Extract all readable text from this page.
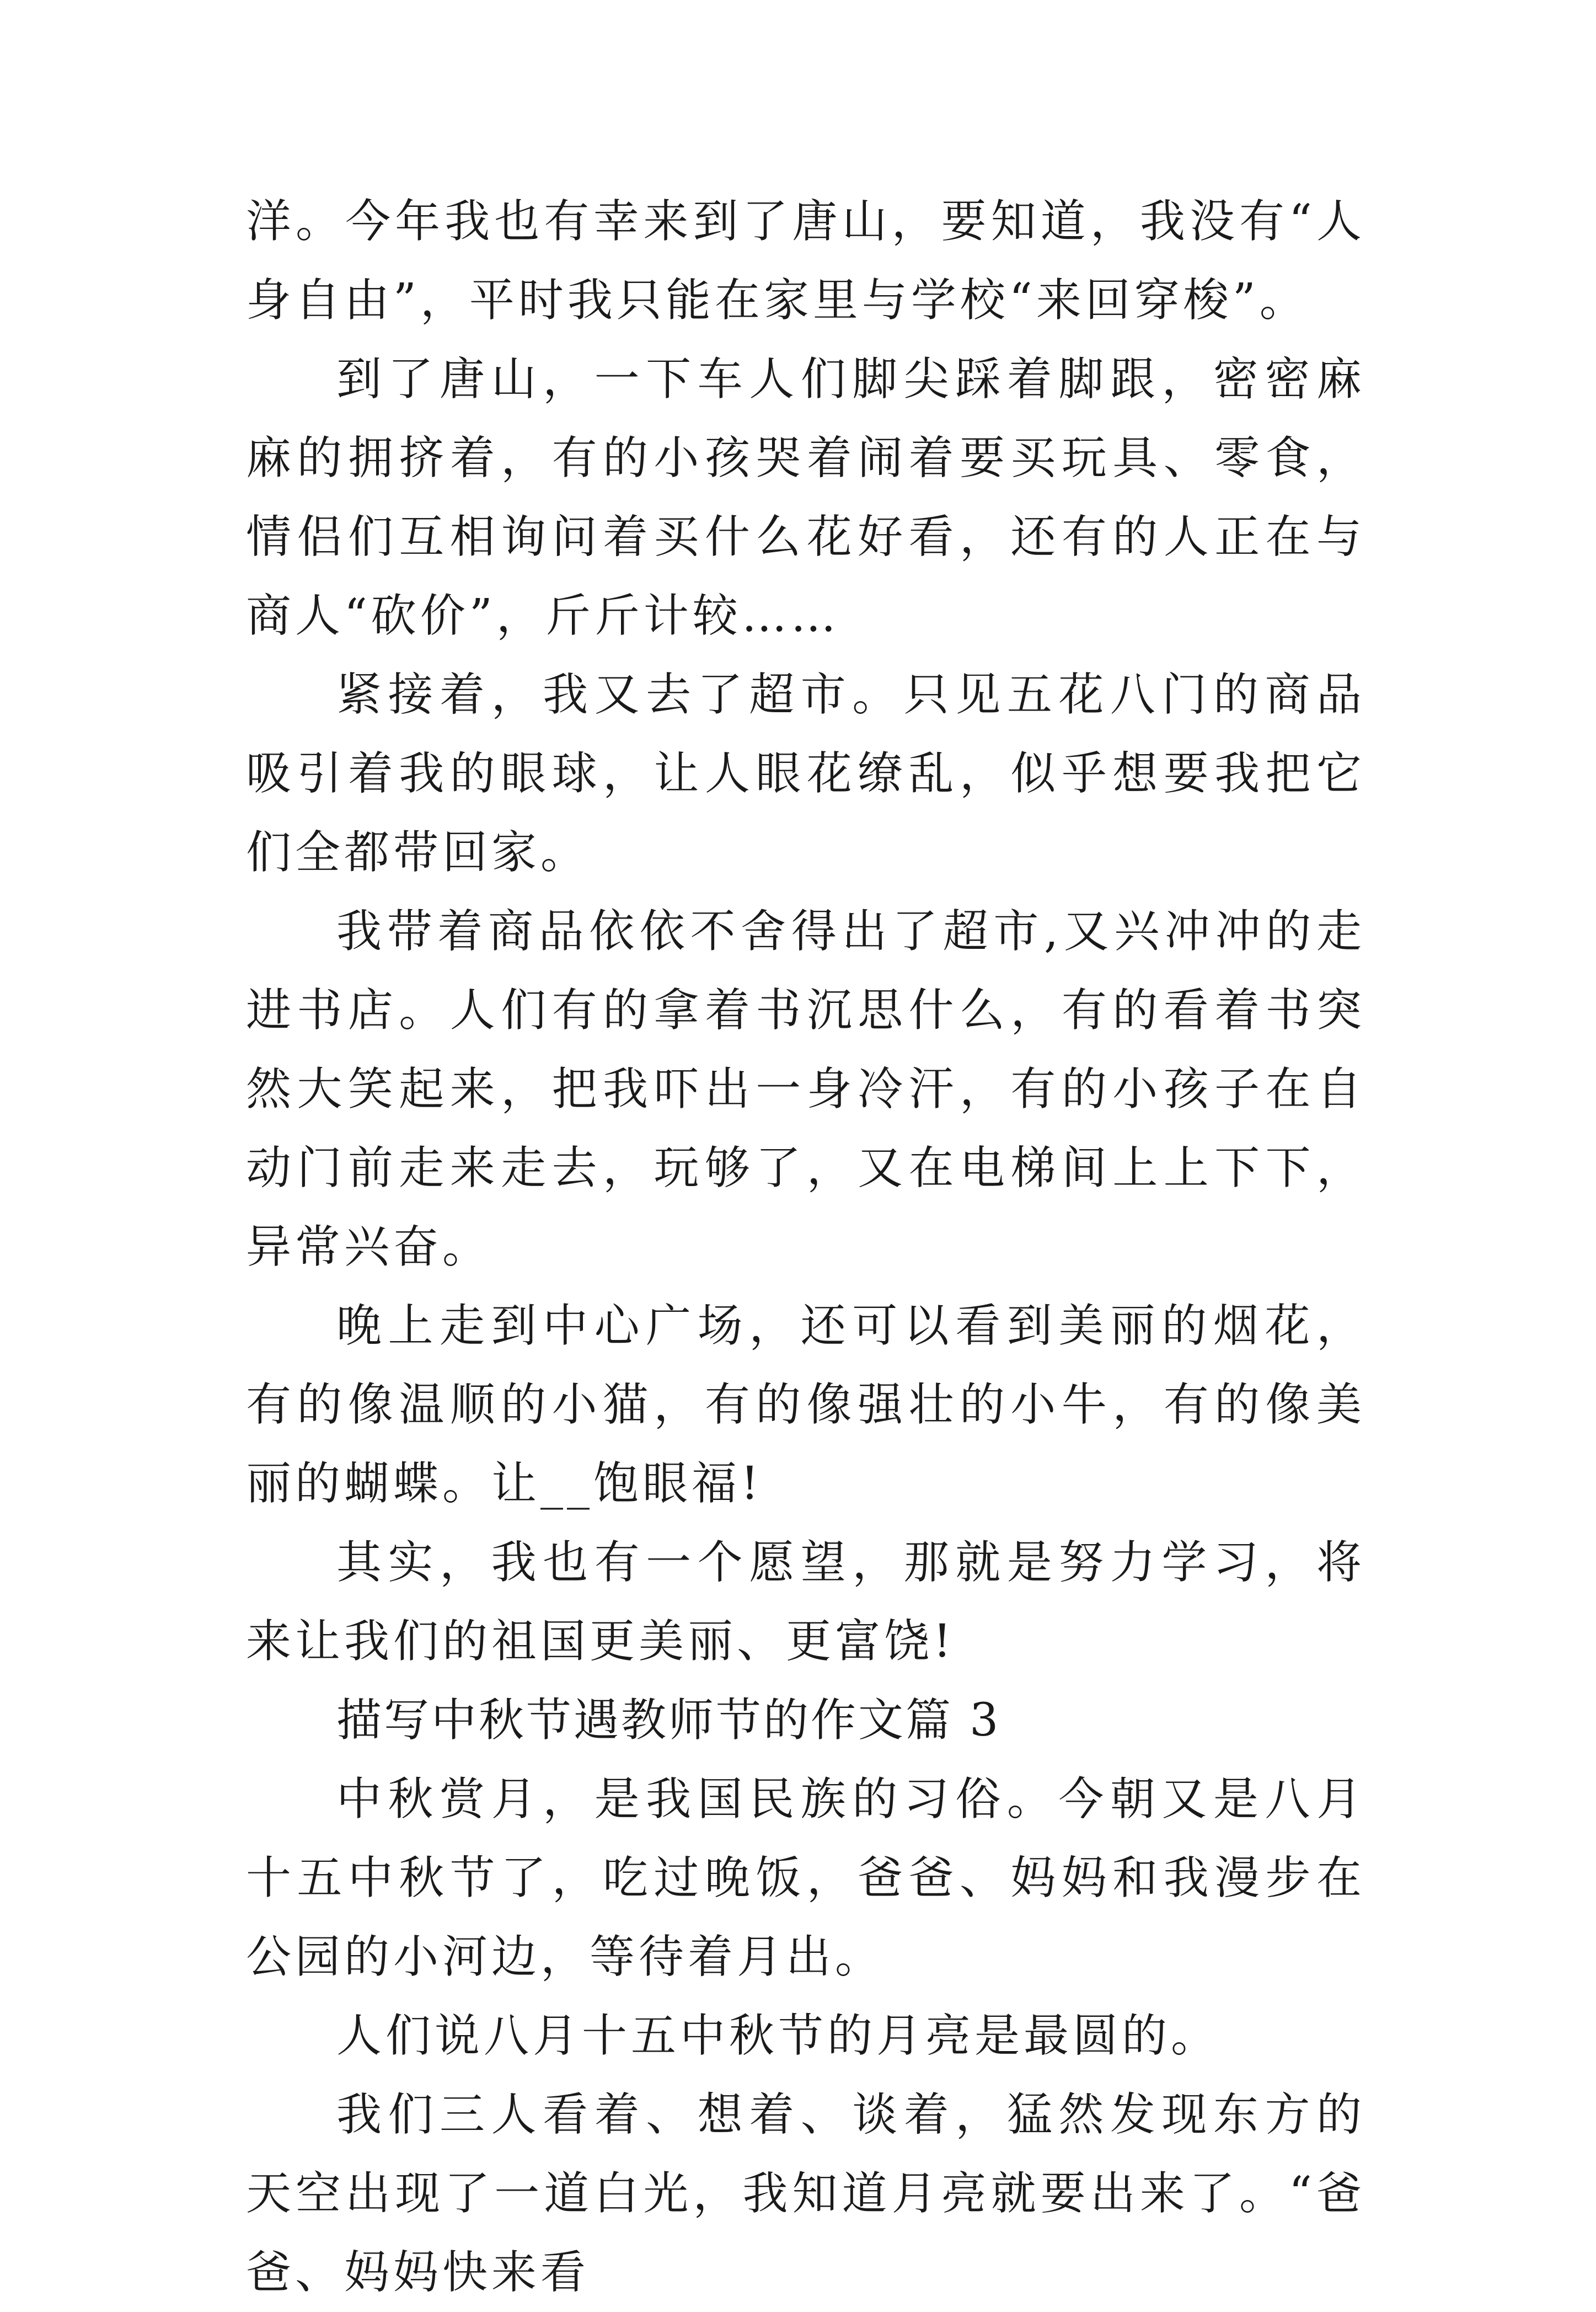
洋。今年我也有幸来到了唐山，要知道，我没有“人身自由”，平时我只能在家里与学校“来回穿梭”。

到了唐山，一下车人们脚尖踩着脚跟，密密麻麻的拥挤着，有的小孩哭着闹着要买玩具、零食，情侣们互相询问着买什么花好看，还有的人正在与商人“砍价”，斤斤计较……

紧接着，我又去了超市。只见五花八门的商品吸引着我的眼球，让人眼花缭乱，似乎想要我把它们全都带回家。

我带着商品依依不舍得出了超市,又兴冲冲的走进书店。人们有的拿着书沉思什么，有的看着书突然大笑起来，把我吓出一身冷汗，有的小孩子在自动门前走来走去，玩够了，又在电梯间上上下下，异常兴奋。

晚上走到中心广场，还可以看到美丽的烟花，有的像温顺的小猫，有的像强壮的小牛，有的像美丽的蝴蝶。让__饱眼福!

其实，我也有一个愿望，那就是努力学习，将来让我们的祖国更美丽、更富饶!

描写中秋节遇教师节的作文篇 3

中秋赏月，是我国民族的习俗。今朝又是八月十五中秋节了，吃过晚饭，爸爸、妈妈和我漫步在公园的小河边，等待着月出。

人们说八月十五中秋节的月亮是最圆的。

我们三人看着、想着、谈着，猛然发现东方的天空出现了一道白光，我知道月亮就要出来了。“爸爸、妈妈快来看
